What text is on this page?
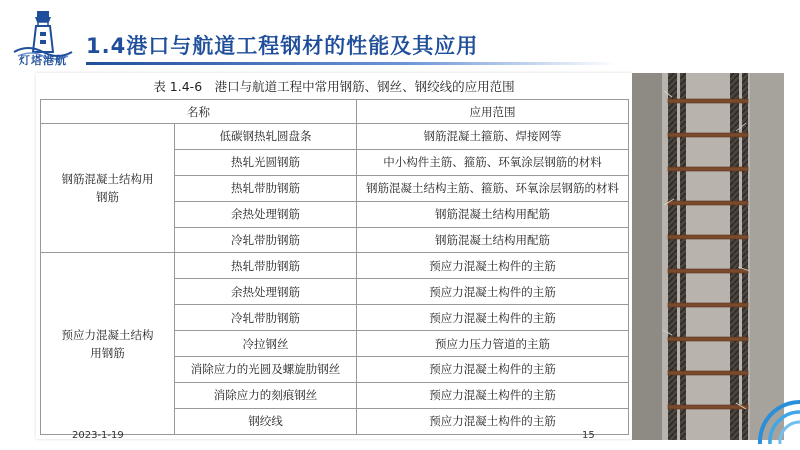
灯塔港航
1.4港口与航道工程钢材的性能及其应用
表 1.4-6　港口与航道工程中常用钢筋、钢丝、钢绞线的应用范围
名称		应用范围
钢筋混凝土结构用钢筋	低碳钢热轧圆盘条	钢筋混凝土箍筋、焊接网等
	热轧光圆钢筋	中小构件主筋、箍筋、环氧涂层钢筋的材料
	热轧带肋钢筋	钢筋混凝土结构主筋、箍筋、环氧涂层钢筋的材料
	余热处理钢筋	钢筋混凝土结构用配筋
	冷轧带肋钢筋	钢筋混凝土结构用配筋
预应力混凝土结构用钢筋	热轧带肋钢筋	预应力混凝土构件的主筋
	余热处理钢筋	预应力混凝土构件的主筋
	冷轧带肋钢筋	预应力混凝土构件的主筋
	冷拉钢丝	预应力压力管道的主筋
	消除应力的光圆及螺旋肋钢丝	预应力混凝土构件的主筋
	消除应力的刻痕钢丝	预应力混凝土构件的主筋
	钢绞线	预应力混凝土构件的主筋
2023-1-19	15
